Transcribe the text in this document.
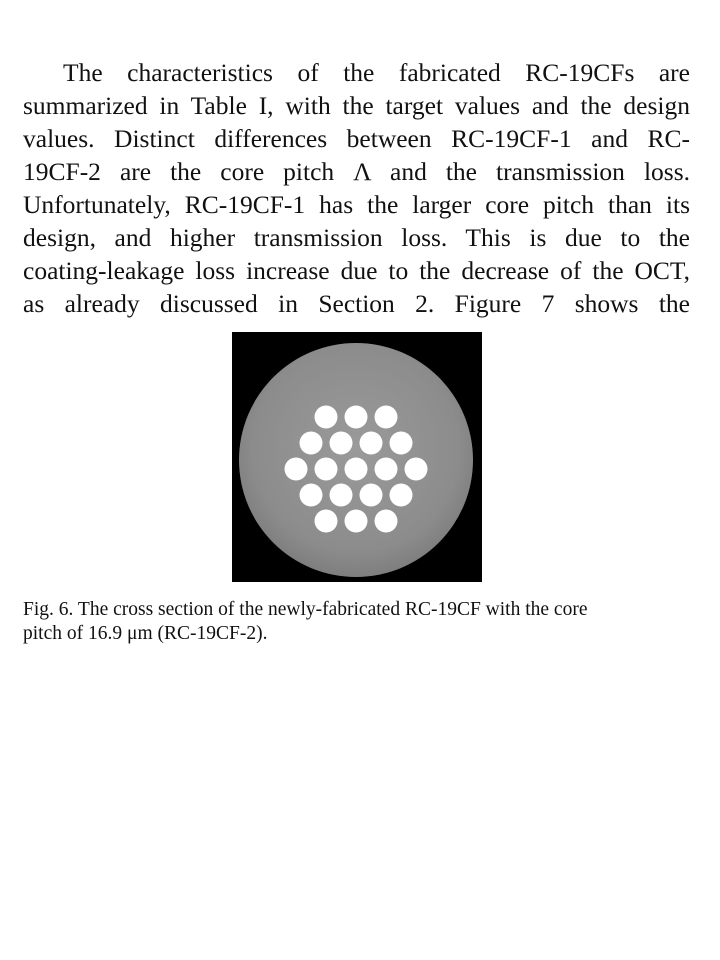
The characteristics of the fabricated RC-19CFs are
summarized in Table I, with the target values and the design
values. Distinct differences between RC-19CF-1 and RC-
19CF-2 are the core pitch Λ and the transmission loss.
Unfortunately, RC-19CF-1 has the larger core pitch than its
design, and higher transmission loss. This is due to the
coating-leakage loss increase due to the decrease of the OCT,
as already discussed in Section 2. Figure 7 shows the
Fig. 6. The cross section of the newly-fabricated RC-19CF with the core
pitch of 16.9 μm (RC-19CF-2).
